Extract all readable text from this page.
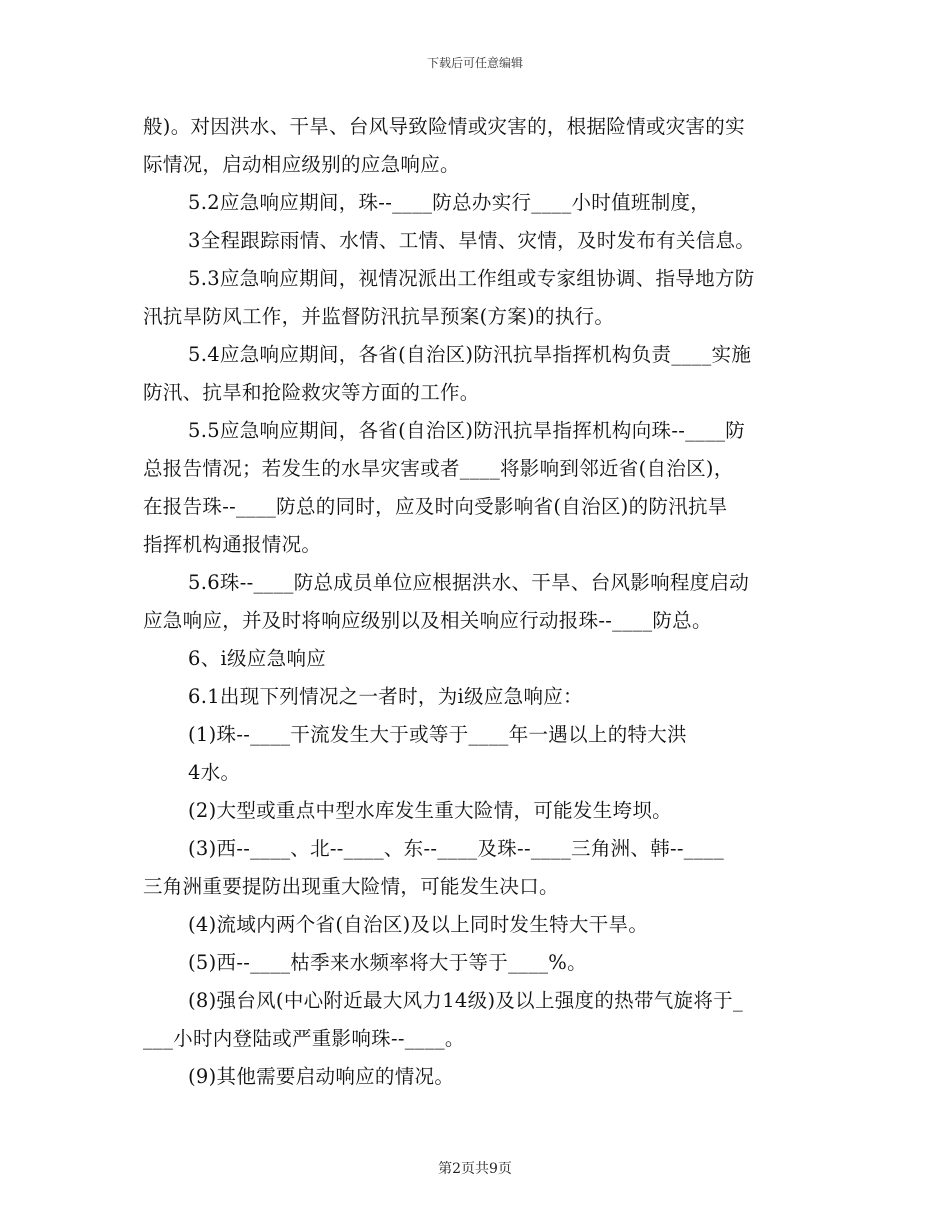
下载后可任意编辑
般)。对因洪水、干旱、台风导致险情或灾害的，根据险情或灾害的实
际情况，启动相应级别的应急响应。
5.2应急响应期间，珠--____防总办实行____小时值班制度，
3全程跟踪雨情、水情、工情、旱情、灾情，及时发布有关信息。
5.3应急响应期间，视情况派出工作组或专家组协调、指导地方防
汛抗旱防风工作，并监督防汛抗旱预案(方案)的执行。
5.4应急响应期间，各省(自治区)防汛抗旱指挥机构负责____实施
防汛、抗旱和抢险救灾等方面的工作。
5.5应急响应期间，各省(自治区)防汛抗旱指挥机构向珠--____防
总报告情况；若发生的水旱灾害或者____将影响到邻近省(自治区)，
在报告珠--____防总的同时，应及时向受影响省(自治区)的防汛抗旱
指挥机构通报情况。
5.6珠--____防总成员单位应根据洪水、干旱、台风影响程度启动
应急响应，并及时将响应级别以及相关响应行动报珠--____防总。
6、i级应急响应
6.1出现下列情况之一者时，为i级应急响应：
(1)珠--____干流发生大于或等于____年一遇以上的特大洪
4水。
(2)大型或重点中型水库发生重大险情，可能发生垮坝。
(3)西--____、北--____、东--____及珠--____三角洲、韩--____
三角洲重要提防出现重大险情，可能发生决口。
(4)流域内两个省(自治区)及以上同时发生特大干旱。
(5)西--____枯季来水频率将大于等于____%。
(8)强台风(中心附近最大风力14级)及以上强度的热带气旋将于_
___小时内登陆或严重影响珠--____。
(9)其他需要启动响应的情况。
第2页共9页
